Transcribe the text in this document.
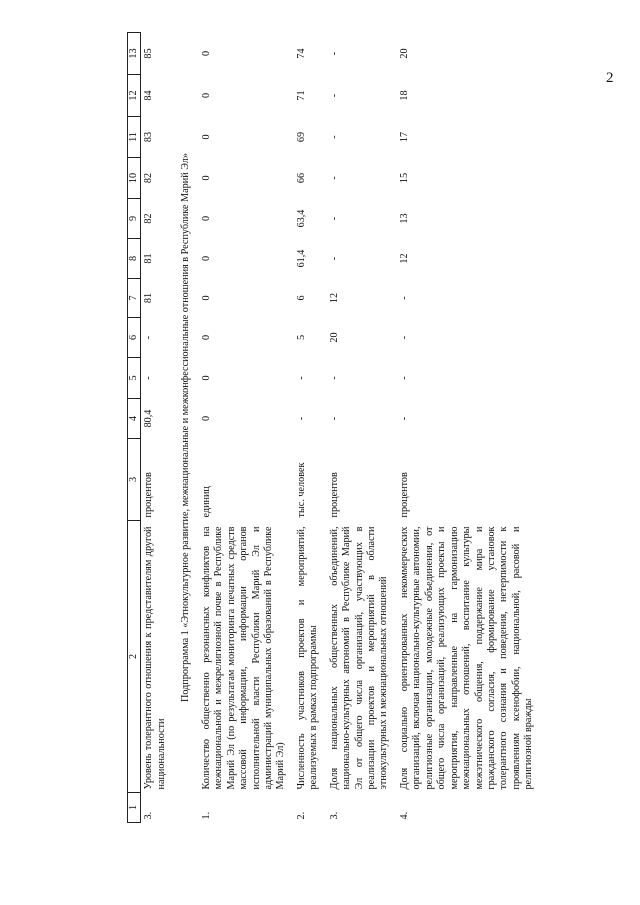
2
1	2	3	4	5	6	7	8	9	10	11	12	13
3.	Уровень толерантного отношения к представителям другой национальности	процентов	80,4	-	-	81	81	82	82	83	84	85
Подпрограмма 1 «Этнокультурное развитие, межнациональные и межконфессиональные отношения в Республике Марий Эл»												
1.	Количество общественно резонансных конфликтов на межнациональной и межрелигиозной почве в Республике Марий Эл (по результатам мониторинга печатных средств массовой информации, информации органов исполнительной власти Республики Марий Эл и администраций муниципальных образований в Республике Марий Эл)	единиц	0	0	0	0	0	0	0	0	0	0
2.	Численность участников проектов и мероприятий, реализуемых в рамках подпрограммы	тыс. человек	-	-	5	6	61,4	63,4	66	69	71	74
3.	Доля национальных общественных объединений, национально-культурных автономий в Республике Марий Эл от общего числа организаций, участвующих в реализации проектов и мероприятий в области этнокультурных и межнациональных отношений	процентов	-	-	20	12	-	-	-	-	-	-
4.	Доля социально ориентированных некоммерческих организаций, включая национально-культурные автономии, религиозные организации, молодежные объединения, от общего числа организаций, реализующих проекты и мероприятия, направленные на гармонизацию межнациональных отношений, воспитание культуры межэтнического общения, поддержание мира и гражданского согласия, формирование установок толерантного сознания и поведения, нетерпимости к проявлениям ксенофобии, национальной, расовой и религиозной вражды	процентов	-	-	-	-	12	13	15	17	18	20
